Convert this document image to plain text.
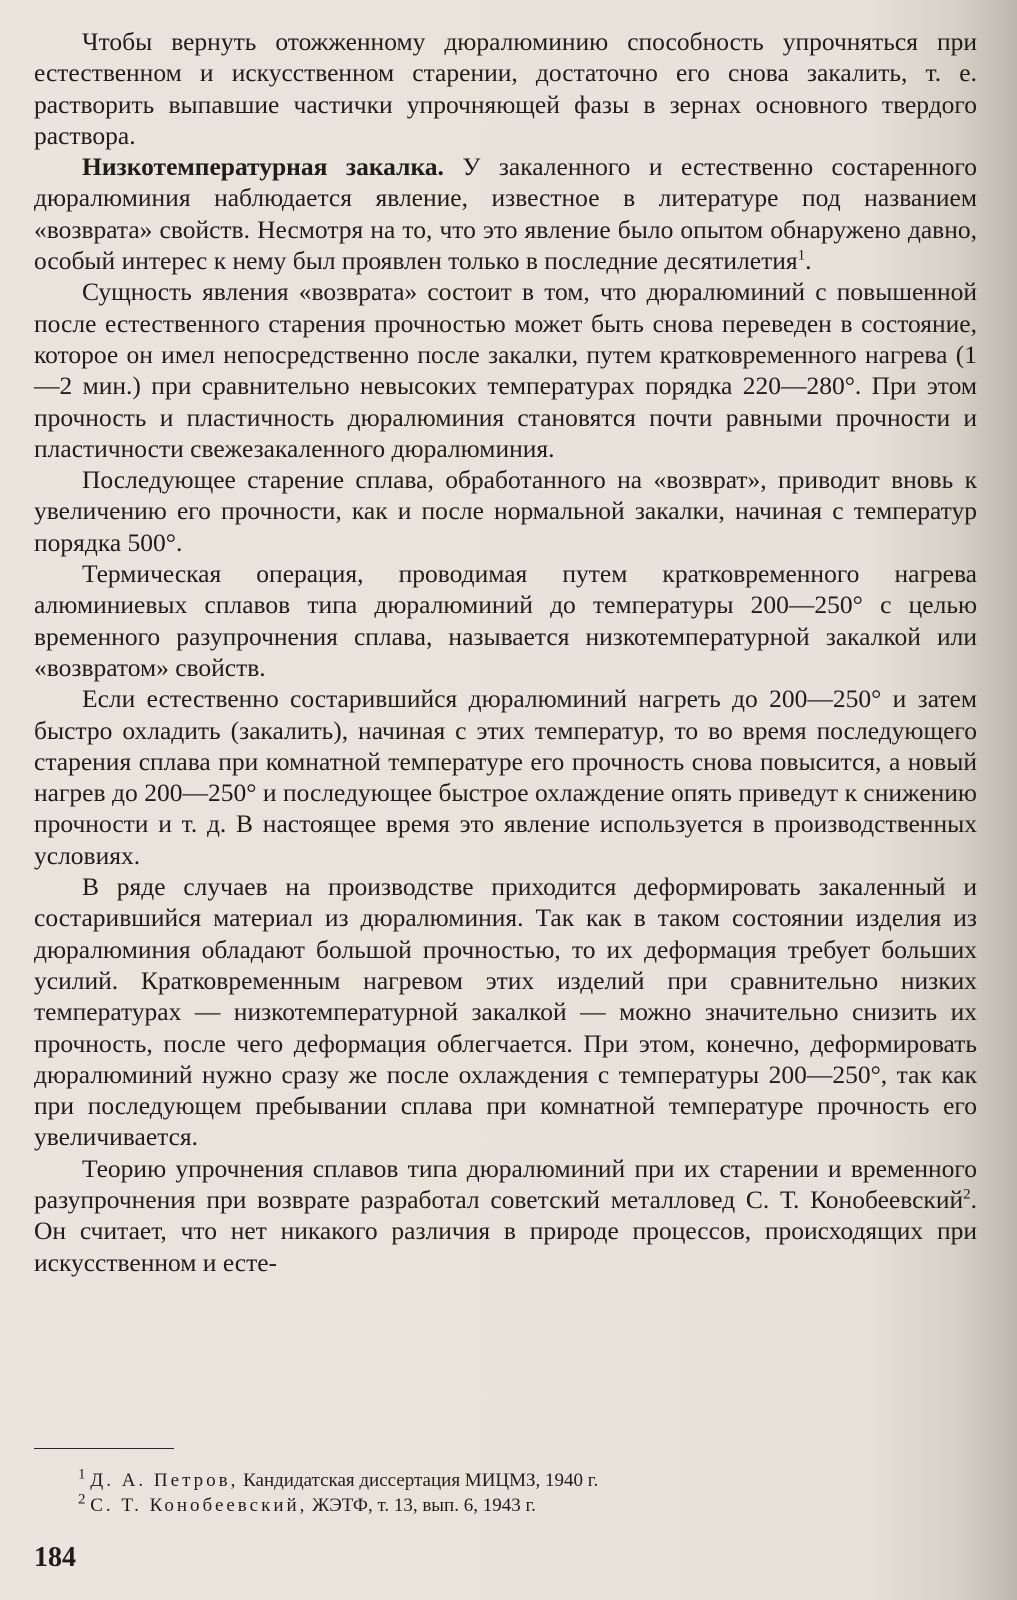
Чтобы вернуть отожженному дюралюминию способность упрочняться при естественном и искусственном старении, достаточно его снова закалить, т. е. растворить выпавшие частички упрочняющей фазы в зернах основного твердого раствора.

Низкотемпературная закалка. У закаленного и естественно состаренного дюралюминия наблюдается явление, известное в литературе под названием «возврата» свойств. Несмотря на то, что это явление было опытом обнаружено давно, особый интерес к нему был проявлен только в последние десятилетия$^1$.

Сущность явления «возврата» состоит в том, что дюралюминий с повышенной после естественного старения прочностью может быть снова переведен в состояние, которое он имел непосредственно после закалки, путем кратковременного нагрева (1—2 мин.) при сравнительно невысоких температурах порядка 220—280°. При этом прочность и пластичность дюралюминия становятся почти равными прочности и пластичности свежезакаленного дюралюминия.

Последующее старение сплава, обработанного на «возврат», приводит вновь к увеличению его прочности, как и после нормальной закалки, начиная с температур порядка 500°.

Термическая операция, проводимая путем кратковременного нагрева алюминиевых сплавов типа дюралюминий до температуры 200—250° с целью временного разупрочнения сплава, называется низкотемпературной закалкой или «возвратом» свойств.

Если естественно состарившийся дюралюминий нагреть до 200—250° и затем быстро охладить (закалить), начиная с этих температур, то во время последующего старения сплава при комнатной температуре его прочность снова повысится, а новый нагрев до 200—250° и последующее быстрое охлаждение опять приведут к снижению прочности и т. д. В настоящее время это явление используется в производственных условиях.

В ряде случаев на производстве приходится деформировать закаленный и состарившийся материал из дюралюминия. Так как в таком состоянии изделия из дюралюминия обладают большой прочностью, то их деформация требует больших усилий. Кратковременным нагревом этих изделий при сравнительно низких температурах — низкотемпературной закалкой — можно значительно снизить их прочность, после чего деформация облегчается. При этом, конечно, деформировать дюралюминий нужно сразу же после охлаждения с температуры 200—250°, так как при последующем пребывании сплава при комнатной температуре прочность его увеличивается.

Теорию упрочнения сплавов типа дюралюминий при их старении и временного разупрочнения при возврате разработал советский металловед С. Т. Конобеевский$^2$. Он считает, что нет никакого различия в природе процессов, происходящих при искусственном и есте-

$^1$ Д. А. Петров, Кандидатская диссертация МИЦМЗ, 1940 г.

$^2$ С. Т. Конобеевский, ЖЭТФ, т. 13, вып. 6, 1943 г.

184
